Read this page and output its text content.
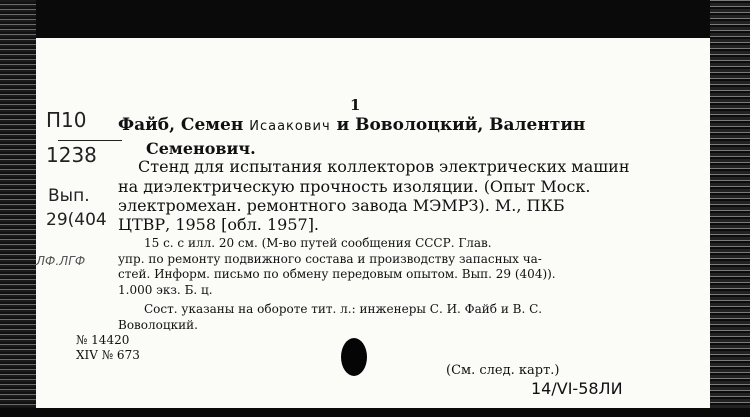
П10
1238
Вып.
29(404
ЛФ.ЛГФ
1
Файб, Семен Исаакович и Воволоцкий, Валентин
Семенович.
Стенд для испытания коллекторов электрических машин
на диэлектрическую прочность изоляции. (Опыт Моск.
электромехан. ремонтного завода МЭМРЗ). М., ПКБ
ЦТВР, 1958 [обл. 1957].
15 с. с илл. 20 см. (М-во путей сообщения СССР. Глав.
упр. по ремонту подвижного состава и производству запасных ча-
стей. Информ. письмо по обмену передовым опытом. Вып. 29 (404)).
1.000 экз. Б. ц.
Сост. указаны на обороте тит. л.: инженеры С. И. Файб и В. С.
Воволоцкий.
№ 14420
XIV № 673
(См. след. карт.)
14/VI-58ЛИ
